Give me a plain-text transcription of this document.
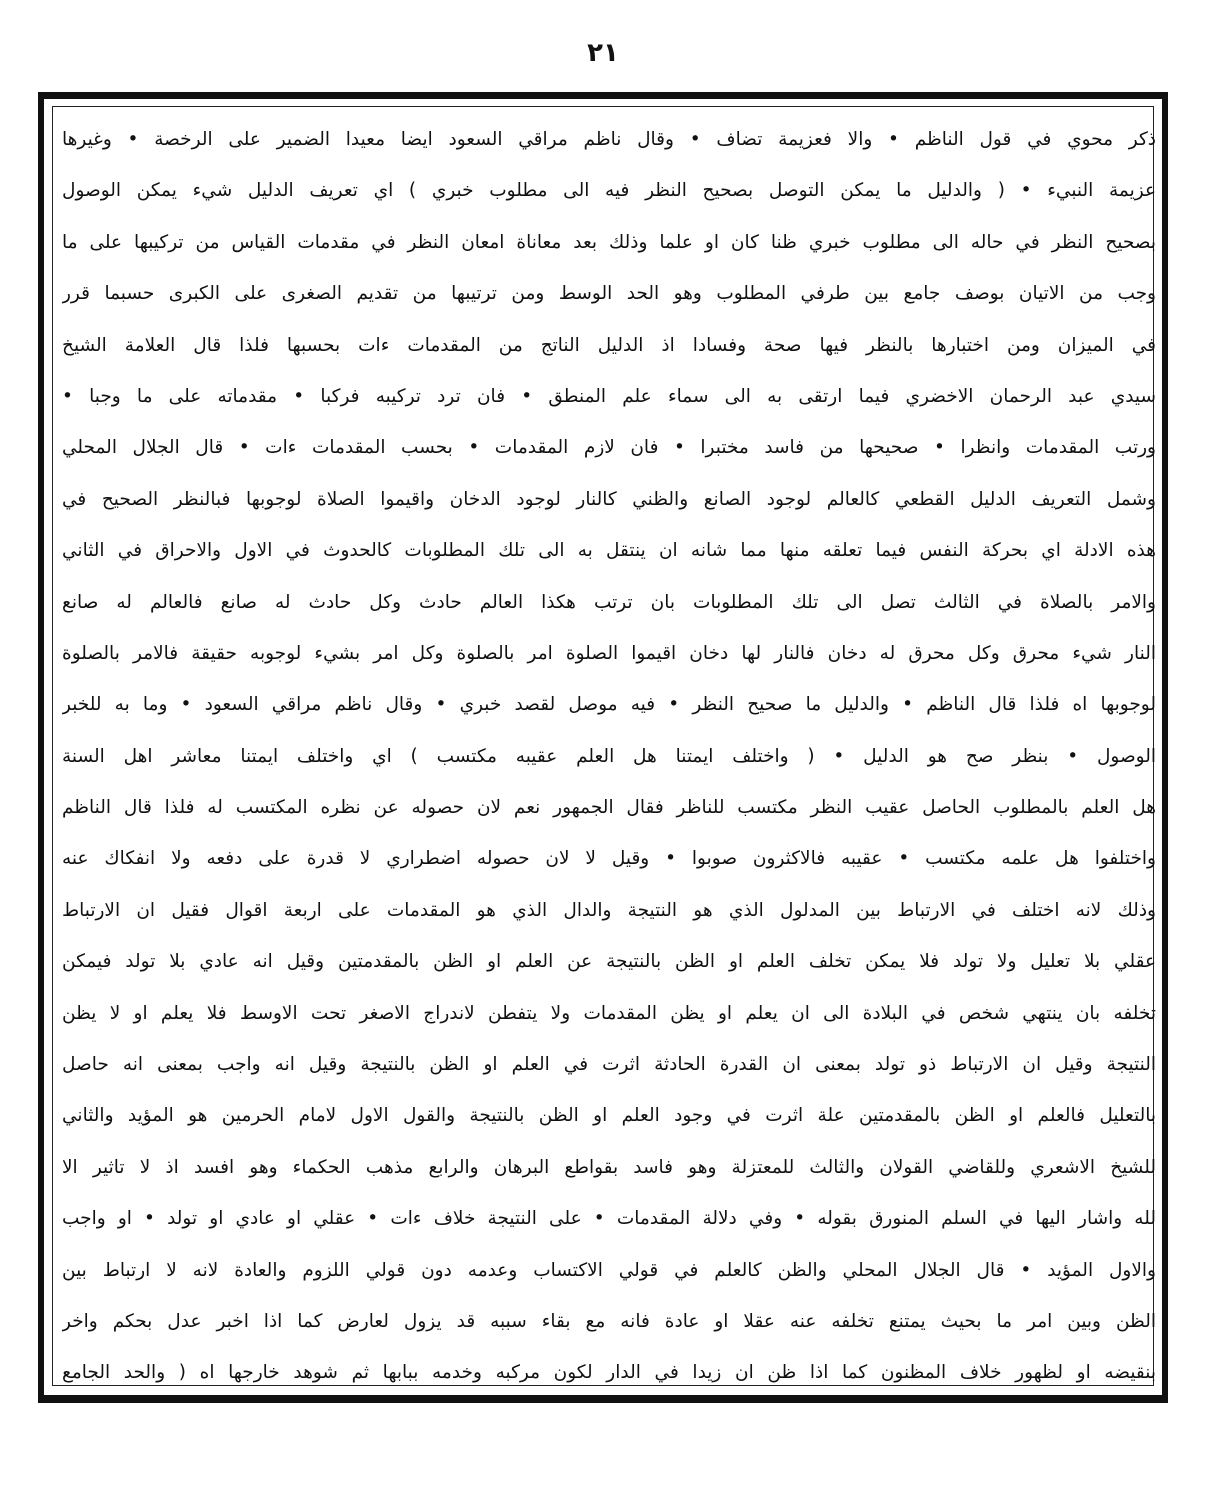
٢١
ذكر محوي في قول الناظم • والا فعزيمة تضاف • وقال ناظم مراقي السعود ايضا معيدا الضمير على الرخصة • وغيرها
عزيمة النبيء • ( والدليل ما يمكن التوصل بصحيح النظر فيه الى مطلوب خبري ) اي تعريف الدليل شيء يمكن الوصول
بصحيح النظر في حاله الى مطلوب خبري ظنا كان او علما وذلك بعد معاناة امعان النظر في مقدمات القياس من تركيبها على ما
وجب من الاتيان بوصف جامع بين طرفي المطلوب وهو الحد الوسط ومن ترتيبها من تقديم الصغرى على الكبرى حسبما قرر
في الميزان ومن اختبارها بالنظر فيها صحة وفسادا اذ الدليل الناتج من المقدمات ءات بحسبها فلذا قال العلامة الشيخ
سيدي عبد الرحمان الاخضري فيما ارتقى به الى سماء علم المنطق • فان ترد تركيبه فركبا • مقدماته على ما وجبا •
ورتب المقدمات وانظرا • صحيحها من فاسد مختبرا • فان لازم المقدمات • بحسب المقدمات ءات • قال الجلال المحلي
وشمل التعريف الدليل القطعي كالعالم لوجود الصانع والظني كالنار لوجود الدخان واقيموا الصلاة لوجوبها فبالنظر الصحيح في
هذه الادلة اي بحركة النفس فيما تعلقه منها مما شانه ان ينتقل به الى تلك المطلوبات كالحدوث في الاول والاحراق في الثاني
والامر بالصلاة في الثالث تصل الى تلك المطلوبات بان ترتب هكذا العالم حادث وكل حادث له صانع فالعالم له صانع
النار شيء محرق وكل محرق له دخان فالنار لها دخان اقيموا الصلوة امر بالصلوة وكل امر بشيء لوجوبه حقيقة فالامر بالصلوة
لوجوبها اه فلذا قال الناظم • والدليل ما صحيح النظر • فيه موصل لقصد خبري • وقال ناظم مراقي السعود • وما به للخبر
الوصول • بنظر صح هو الدليل • ( واختلف ايمتنا هل العلم عقيبه مكتسب ) اي واختلف ايمتنا معاشر اهل السنة
هل العلم بالمطلوب الحاصل عقيب النظر مكتسب للناظر فقال الجمهور نعم لان حصوله عن نظره المكتسب له فلذا قال الناظم
واختلفوا هل علمه مكتسب • عقيبه فالاكثرون صوبوا • وقيل لا لان حصوله اضطراري لا قدرة على دفعه ولا انفكاك عنه
وذلك لانه اختلف في الارتباط بين المدلول الذي هو النتيجة والدال الذي هو المقدمات على اربعة اقوال فقيل ان الارتباط
عقلي بلا تعليل ولا تولد فلا يمكن تخلف العلم او الظن بالنتيجة عن العلم او الظن بالمقدمتين وقيل انه عادي بلا تولد فيمكن
تخلفه بان ينتهي شخص في البلادة الى ان يعلم او يظن المقدمات ولا يتفطن لاندراج الاصغر تحت الاوسط فلا يعلم او لا يظن
النتيجة وقيل ان الارتباط ذو تولد بمعنى ان القدرة الحادثة اثرت في العلم او الظن بالنتيجة وقيل انه واجب بمعنى انه حاصل
بالتعليل فالعلم او الظن بالمقدمتين علة اثرت في وجود العلم او الظن بالنتيجة والقول الاول لامام الحرمين هو المؤيد والثاني
للشيخ الاشعري وللقاضي القولان والثالث للمعتزلة وهو فاسد بقواطع البرهان والرابع مذهب الحكماء وهو افسد اذ لا تاثير الا
لله واشار اليها في السلم المنورق بقوله • وفي دلالة المقدمات • على النتيجة خلاف ءات • عقلي او عادي او تولد • او واجب
والاول المؤيد • قال الجلال المحلي والظن كالعلم في قولي الاكتساب وعدمه دون قولي اللزوم والعادة لانه لا ارتباط بين
الظن وبين امر ما بحيث يمتنع تخلفه عنه عقلا او عادة فانه مع بقاء سببه قد يزول لعارض كما اذا اخبر عدل بحكم واخر
بنقيضه او لظهور خلاف المظنون كما اذا ظن ان زيدا في الدار لكون مركبه وخدمه ببابها ثم شوهد خارجها اه ( والحد الجامع
